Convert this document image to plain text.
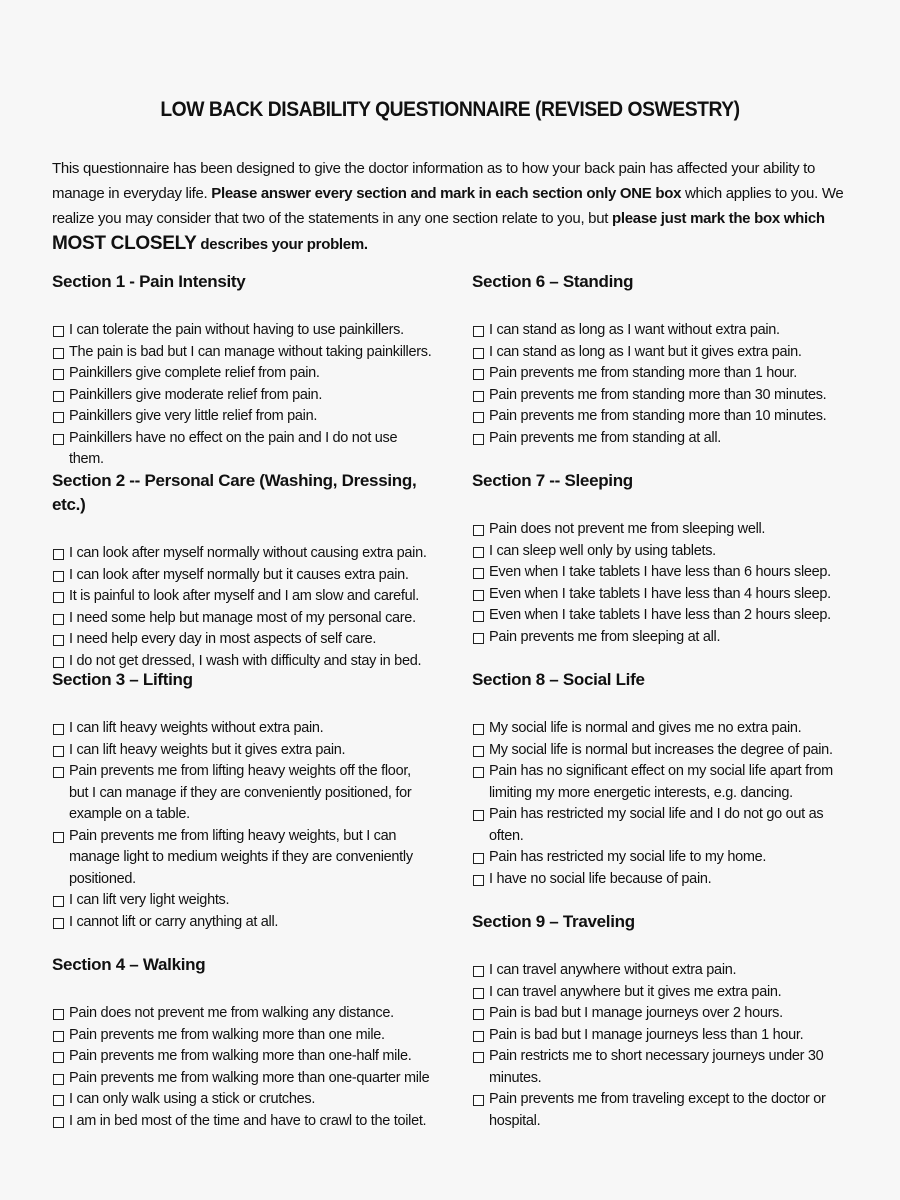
LOW BACK DISABILITY QUESTIONNAIRE (REVISED OSWESTRY)
This questionnaire has been designed to give the doctor information as to how your back pain has affected your ability to manage in everyday life. Please answer every section and mark in each section only ONE box which applies to you. We realize you may consider that two of the statements in any one section relate to you, but please just mark the box which MOST CLOSELY describes your problem.
Section 1 - Pain Intensity
I can tolerate the pain without having to use painkillers.
The pain is bad but I can manage without taking painkillers.
Painkillers give complete relief from pain.
Painkillers give moderate relief from pain.
Painkillers give very little relief from pain.
Painkillers have no effect on the pain and I do not use them.
Section 2 -- Personal Care (Washing, Dressing, etc.)
I can look after myself normally without causing extra pain.
I can look after myself normally but it causes extra pain.
It is painful to look after myself and I am slow and careful.
I need some help but manage most of my personal care.
I need help every day in most aspects of self care.
I do not get dressed, I wash with difficulty and stay in bed.
Section 3 – Lifting
I can lift heavy weights without extra pain.
I can lift heavy weights but it gives extra pain.
Pain prevents me from lifting heavy weights off the floor, but I can manage if they are conveniently positioned, for example on a table.
Pain prevents me from lifting heavy weights, but I can manage light to medium weights if they are conveniently positioned.
I can lift very light weights.
I cannot lift or carry anything at all.
Section 4 – Walking
Pain does not prevent me from walking any distance.
Pain prevents me from walking more than one mile.
Pain prevents me from walking more than one-half mile.
Pain prevents me from walking more than one-quarter mile
I can only walk using a stick or crutches.
I am in bed most of the time and have to crawl to the toilet.
Section 6 – Standing
I can stand as long as I want without extra pain.
I can stand as long as I want but it gives extra pain.
Pain prevents me from standing more than 1 hour.
Pain prevents me from standing more than 30 minutes.
Pain prevents me from standing more than 10 minutes.
Pain prevents me from standing at all.
Section 7 -- Sleeping
Pain does not prevent me from sleeping well.
I can sleep well only by using tablets.
Even when I take tablets I have less than 6 hours sleep.
Even when I take tablets I have less than 4 hours sleep.
Even when I take tablets I have less than 2 hours sleep.
Pain prevents me from sleeping at all.
Section 8 – Social Life
My social life is normal and gives me no extra pain.
My social life is normal but increases the degree of pain.
Pain has no significant effect on my social life apart from limiting my more energetic interests, e.g. dancing.
Pain has restricted my social life and I do not go out as often.
Pain has restricted my social life to my home.
I have no social life because of pain.
Section 9 – Traveling
I can travel anywhere without extra pain.
I can travel anywhere but it gives me extra pain.
Pain is bad but I manage journeys over 2 hours.
Pain is bad but I manage journeys less than 1 hour.
Pain restricts me to short necessary journeys under 30 minutes.
Pain prevents me from traveling except to the doctor or hospital.
